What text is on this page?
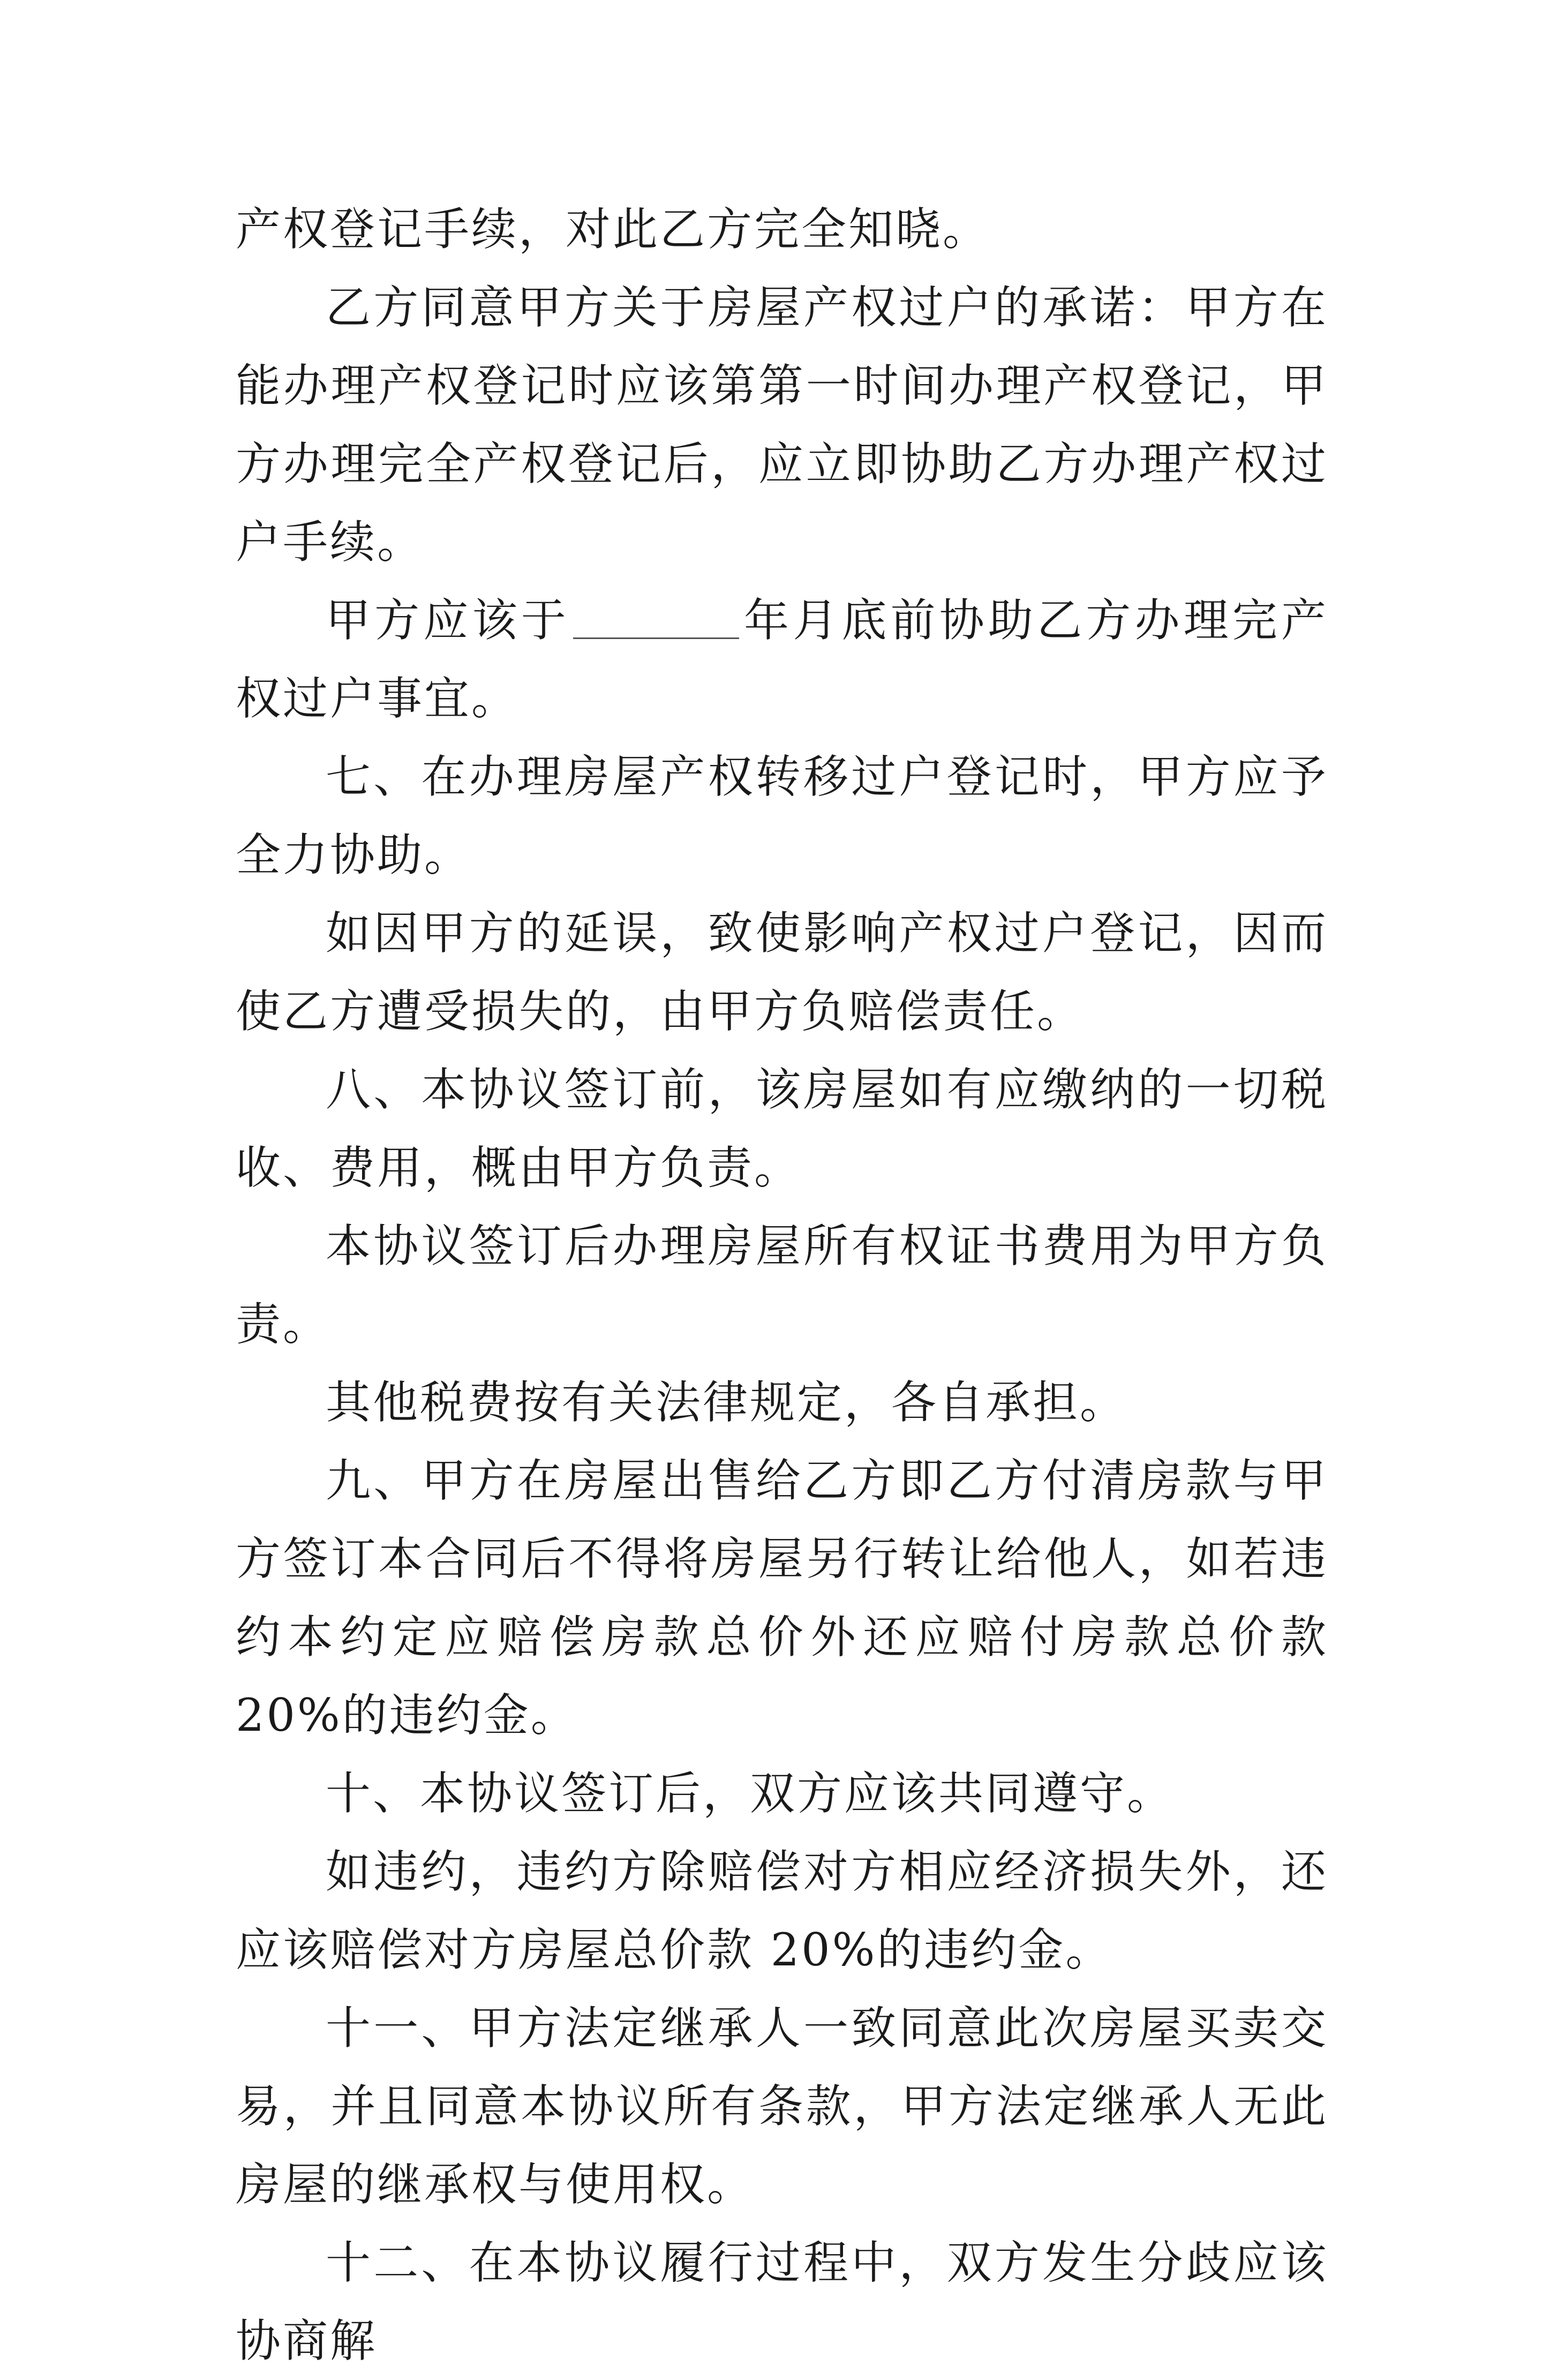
产权登记手续，对此乙方完全知晓。

乙方同意甲方关于房屋产权过户的承诺：甲方在能办理产权登记时应该第第一时间办理产权登记，甲方办理完全产权登记后，应立即协助乙方办理产权过户手续。

甲方应该于	年月底前协助乙方办理完产权过户事宜。

七、在办理房屋产权转移过户登记时，甲方应予全力协助。

如因甲方的延误，致使影响产权过户登记，因而使乙方遭受损失的，由甲方负赔偿责任。

八、本协议签订前，该房屋如有应缴纳的一切税收、费用，概由甲方负责。

本协议签订后办理房屋所有权证书费用为甲方负责。

其他税费按有关法律规定，各自承担。

九、甲方在房屋出售给乙方即乙方付清房款与甲方签订本合同后不得将房屋另行转让给他人，如若违约本约定应赔偿房款总价外还应赔付房款总价款 20%的违约金。

十、本协议签订后，双方应该共同遵守。

如违约，违约方除赔偿对方相应经济损失外，还应该赔偿对方房屋总价款 20%的违约金。

十一、甲方法定继承人一致同意此次房屋买卖交易，并且同意本协议所有条款，甲方法定继承人无此房屋的继承权与使用权。

十二、在本协议履行过程中，双方发生分歧应该协商解
